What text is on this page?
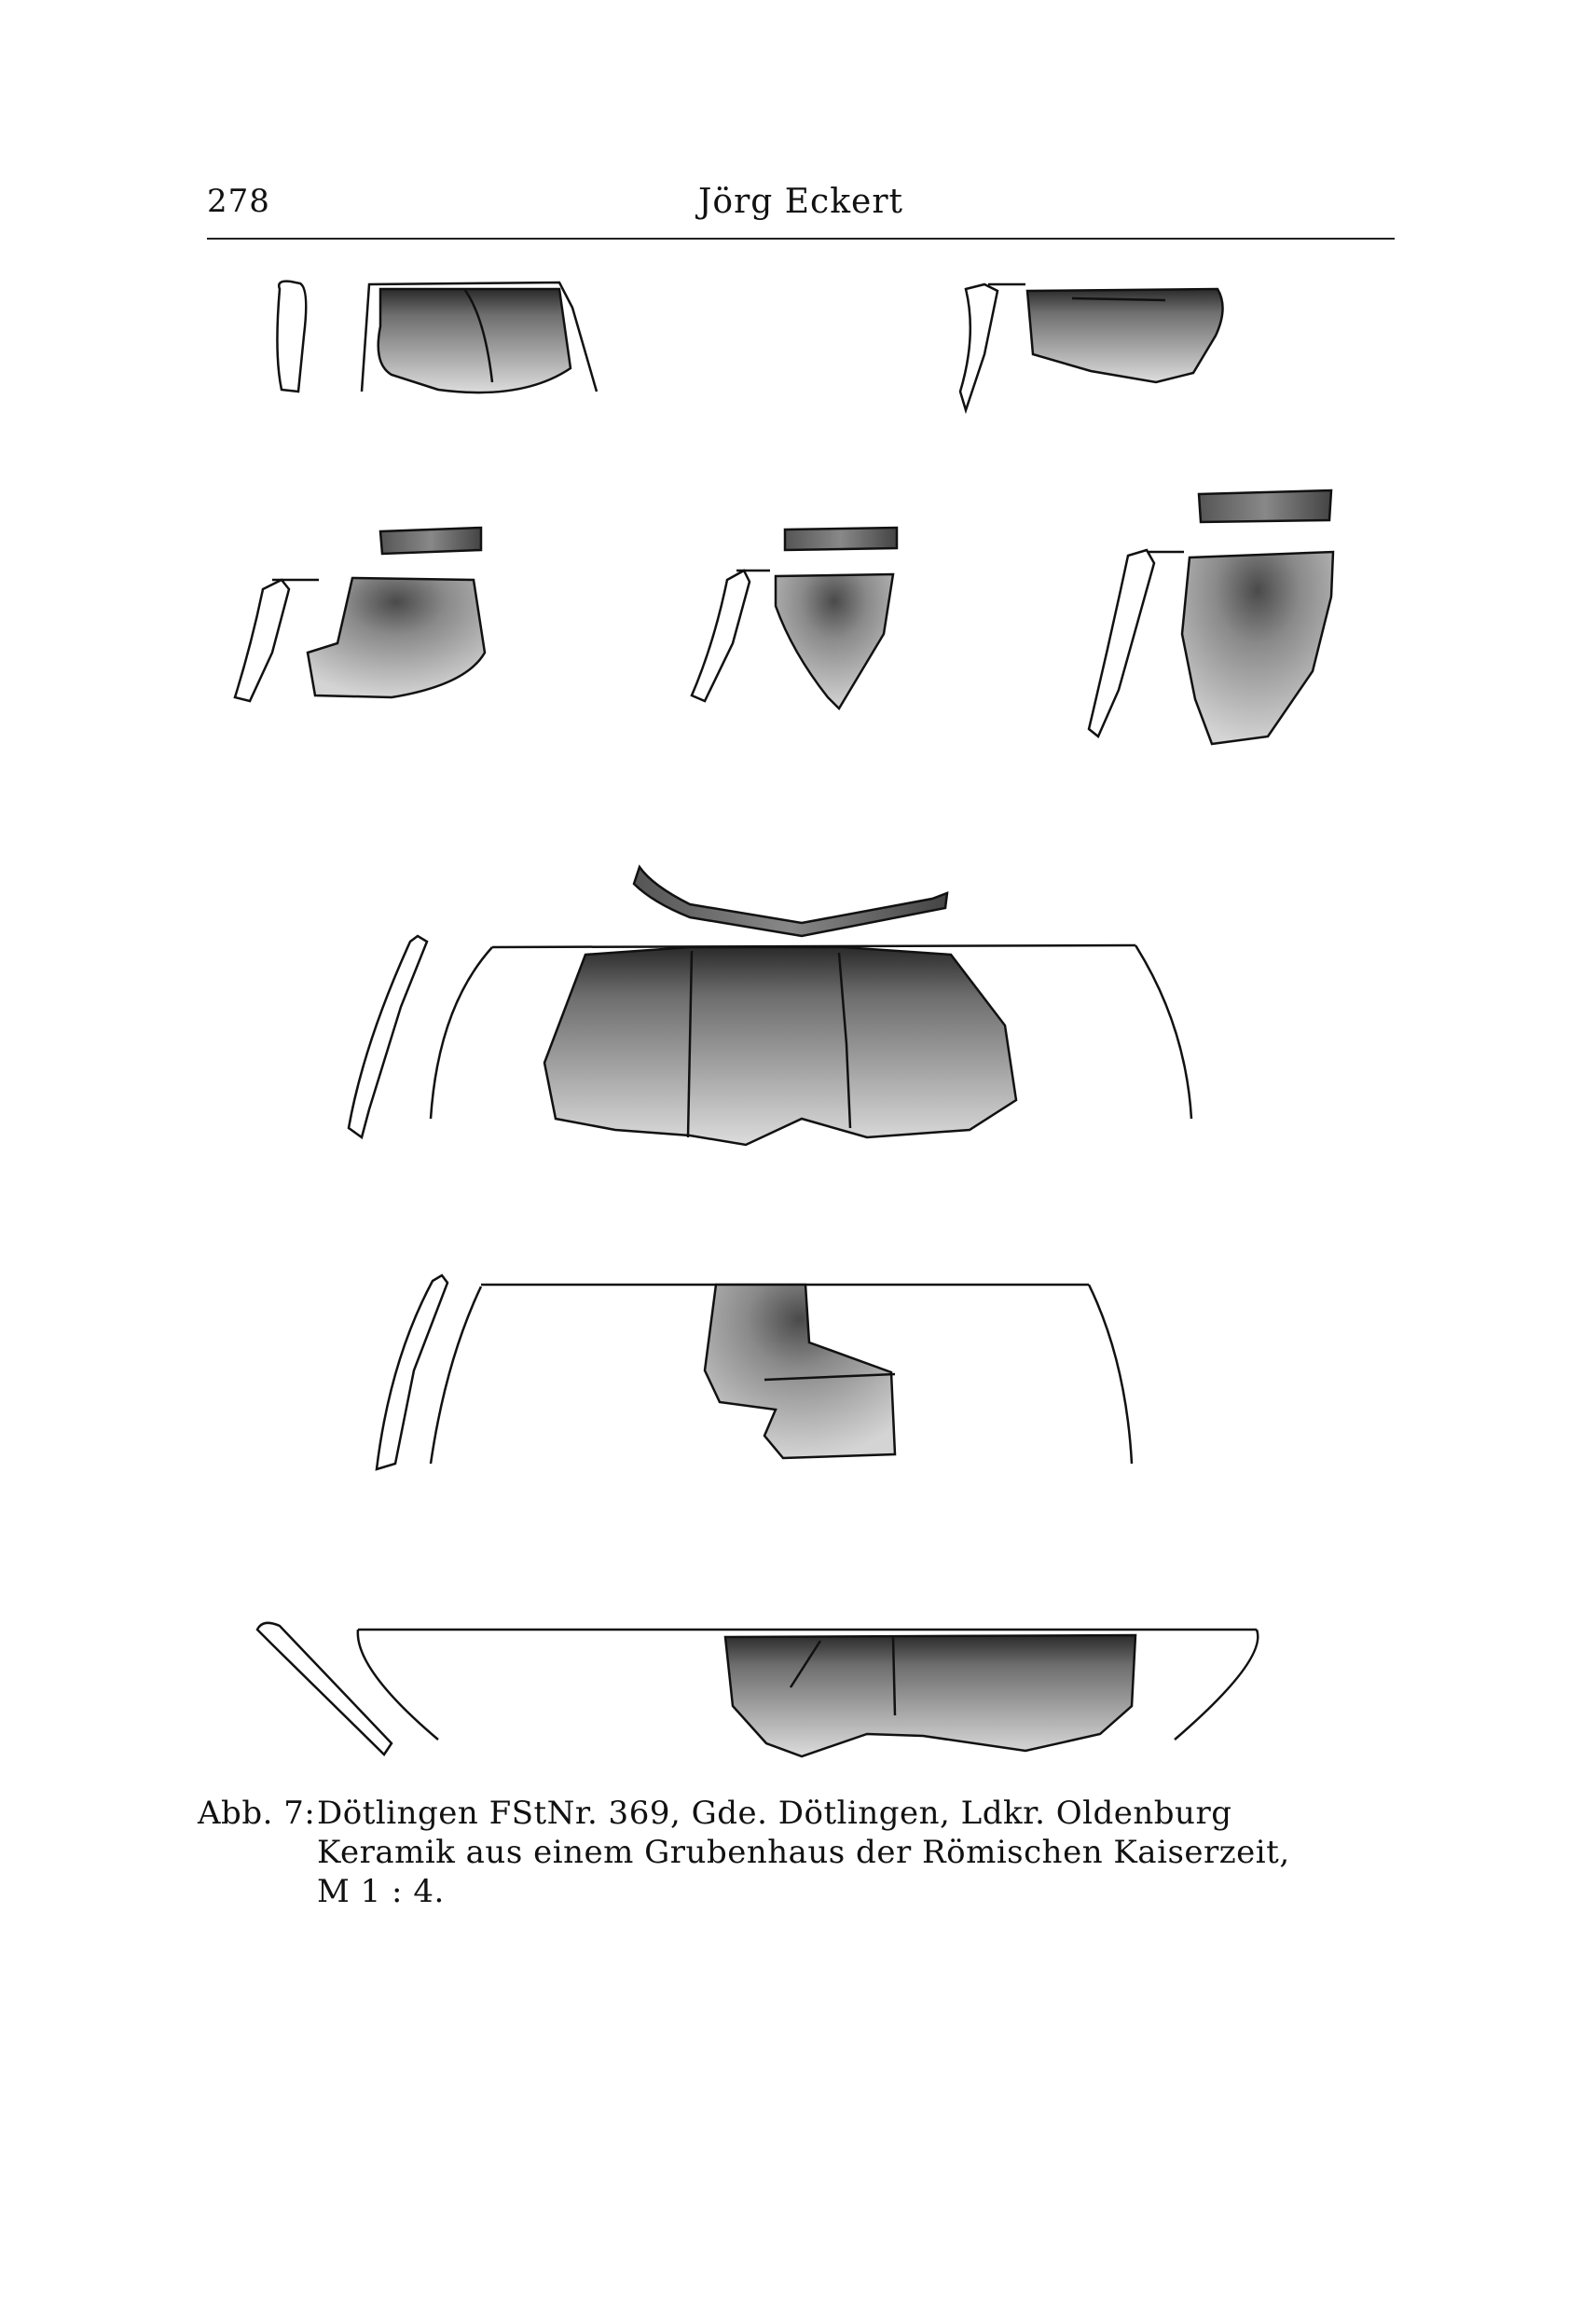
278	Jörg Eckert
Abb. 7: Dötlingen FStNr. 369, Gde. Dötlingen, Ldkr. Oldenburg
Keramik aus einem Grubenhaus der Römischen Kaiserzeit, M 1 : 4.
